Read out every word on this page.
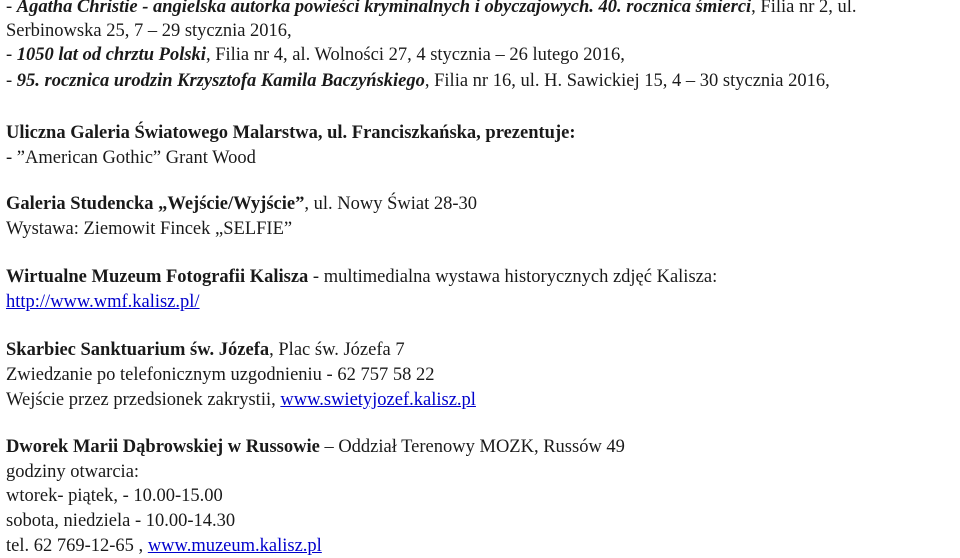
- Agatha Christie - angielska autorka powieści kryminalnych i obyczajowych. 40. rocznica śmierci, Filia nr 2, ul.
Serbinowska 25, 7 – 29 stycznia 2016,
- 1050 lat od chrztu Polski, Filia nr 4, al. Wolności 27, 4 stycznia – 26 lutego 2016,
- 95. rocznica urodzin Krzysztofa Kamila Baczyńskiego, Filia nr 16, ul. H. Sawickiej 15, 4 – 30 stycznia 2016,
Uliczna Galeria Światowego Malarstwa, ul. Franciszkańska, prezentuje:
- ”American Gothic” Grant Wood
Galeria Studencka „Wejście/Wyjście”, ul. Nowy Świat 28-30
Wystawa: Ziemowit Fincek „SELFIE”
Wirtualne Muzeum Fotografii Kalisza - multimedialna wystawa historycznych zdjęć Kalisza:
http://www.wmf.kalisz.pl/
Skarbiec Sanktuarium św. Józefa, Plac św. Józefa 7
Zwiedzanie po telefonicznym uzgodnieniu - 62 757 58 22
Wejście przez przedsionek zakrystii, www.swietyjozef.kalisz.pl
Dworek Marii Dąbrowskiej w Russowie – Oddział Terenowy MOZK, Russów 49
godziny otwarcia:
wtorek- piątek, - 10.00-15.00
sobota, niedziela - 10.00-14.30
tel. 62 769-12-65 , www.muzeum.kalisz.pl
